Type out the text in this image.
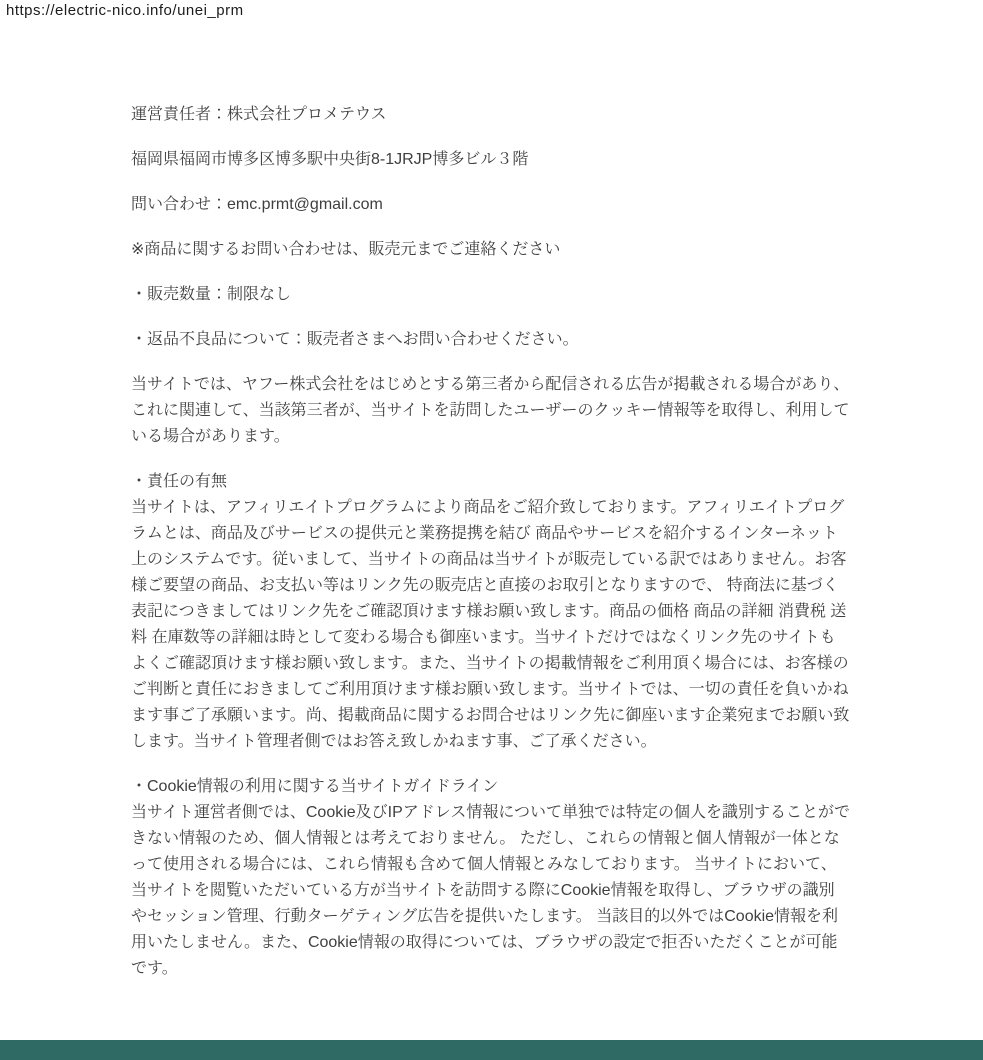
https://electric-nico.info/unei_prm

運営責任者：株式会社プロメテウス

福岡県福岡市博多区博多駅中央街8-1JRJP博多ビル３階

問い合わせ：emc.prmt@gmail.com

※商品に関するお問い合わせは、販売元までご連絡ください

・販売数量：制限なし

・返品不良品について：販売者さまへお問い合わせください。

当サイトでは、ヤフー株式会社をはじめとする第三者から配信される広告が掲載される場合があり、これに関連して、当該第三者が、当サイトを訪問したユーザーのクッキー情報等を取得し、利用している場合があります。

・責任の有無
当サイトは、アフィリエイトプログラムにより商品をご紹介致しております。アフィリエイトプログラムとは、商品及びサービスの提供元と業務提携を結び 商品やサービスを紹介するインターネット上のシステムです。従いまして、当サイトの商品は当サイトが販売している訳ではありません。お客様ご要望の商品、お支払い等はリンク先の販売店と直接のお取引となりますので、 特商法に基づく表記につきましてはリンク先をご確認頂けます様お願い致します。商品の価格 商品の詳細 消費税 送料 在庫数等の詳細は時として変わる場合も御座います。当サイトだけではなくリンク先のサイトもよくご確認頂けます様お願い致します。また、当サイトの掲載情報をご利用頂く場合には、お客様のご判断と責任におきましてご利用頂けます様お願い致します。当サイトでは、一切の責任を負いかねます事ご了承願います。尚、掲載商品に関するお問合せはリンク先に御座います企業宛までお願い致します。当サイト管理者側ではお答え致しかねます事、ご了承ください。

・Cookie情報の利用に関する当サイトガイドライン
当サイト運営者側では、Cookie及びIPアドレス情報について単独では特定の個人を識別することができない情報のため、個人情報とは考えておりません。 ただし、これらの情報と個人情報が一体となって使用される場合には、これら情報も含めて個人情報とみなしております。 当サイトにおいて、当サイトを閲覧いただいている方が当サイトを訪問する際にCookie情報を取得し、ブラウザの識別やセッション管理、行動ターゲティング広告を提供いたします。 当該目的以外ではCookie情報を利用いたしません。また、Cookie情報の取得については、ブラウザの設定で拒否いただくことが可能です。
